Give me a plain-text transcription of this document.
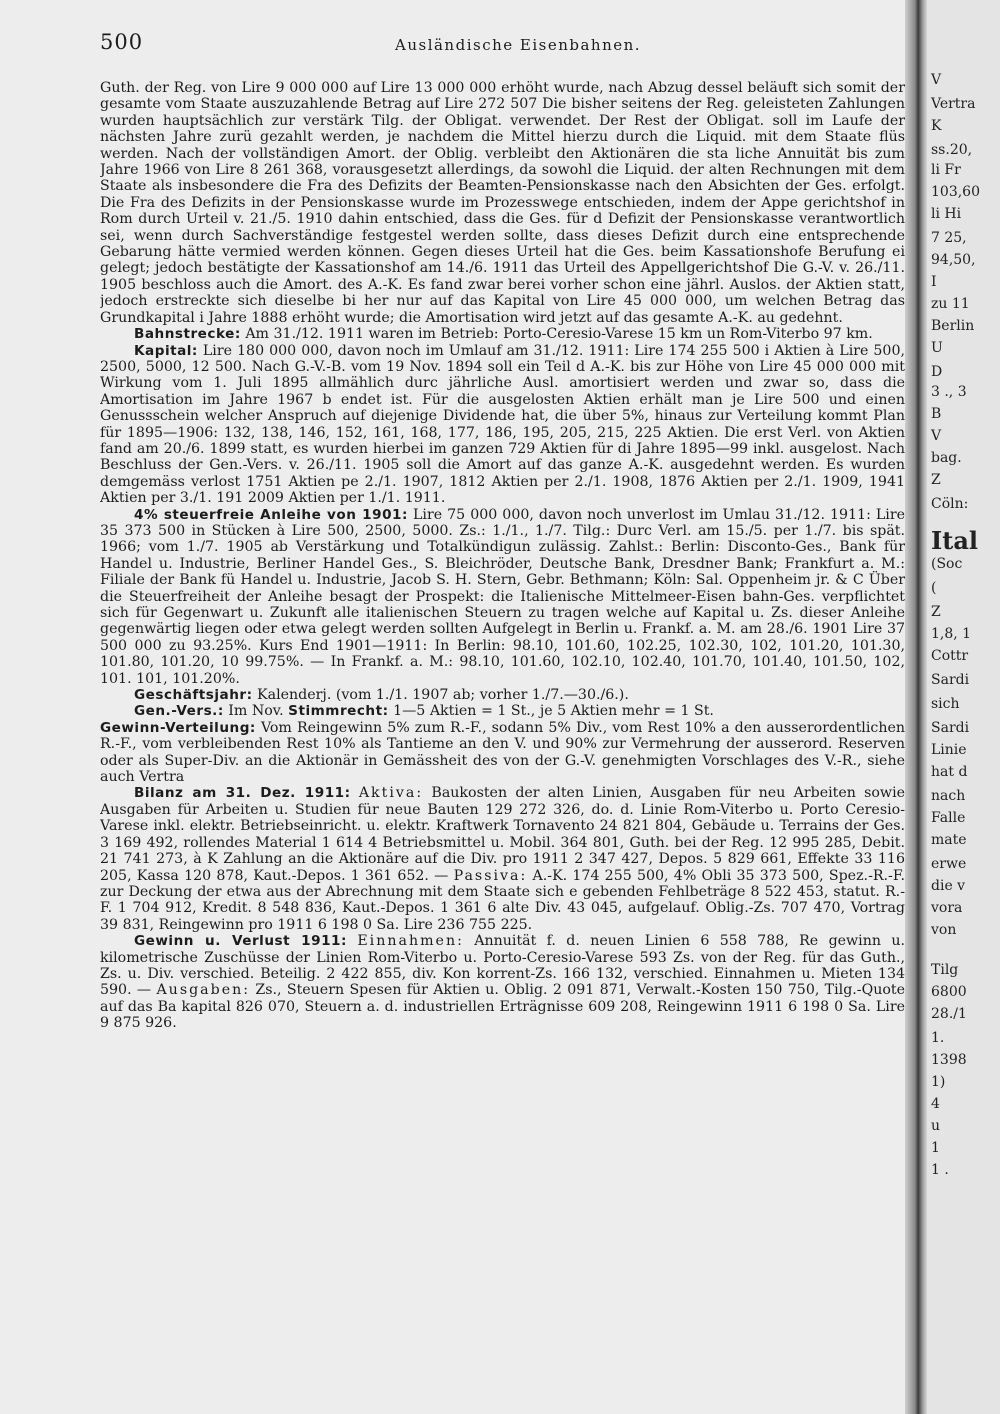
500	Ausländische Eisenbahnen.

Guth. der Reg. von Lire 9 000 000 auf Lire 13 000 000 erhöht wurde, nach Abzug dessel beläuft sich somit der gesamte vom Staate auszuzahlende Betrag auf Lire 272 507 Die bisher seitens der Reg. geleisteten Zahlungen wurden hauptsächlich zur verstärk Tilg. der Obligat. verwendet. Der Rest der Obligat. soll im Laufe der nächsten Jahre zurü gezahlt werden, je nachdem die Mittel hierzu durch die Liquid. mit dem Staate flüs werden. Nach der vollständigen Amort. der Oblig. verbleibt den Aktionären die sta liche Annuität bis zum Jahre 1966 von Lire 8 261 368, vorausgesetzt allerdings, da sowohl die Liquid. der alten Rechnungen mit dem Staate als insbesondere die Fra des Defizits der Beamten-Pensionskasse nach den Absichten der Ges. erfolgt. Die Fra des Defizits in der Pensionskasse wurde im Prozesswege entschieden, indem der Appe gerichtshof in Rom durch Urteil v. 21./5. 1910 dahin entschied, dass die Ges. für d Defizit der Pensionskasse verantwortlich sei, wenn durch Sachverständige festgestel werden sollte, dass dieses Defizit durch eine entsprechende Gebarung hätte vermied werden können. Gegen dieses Urteil hat die Ges. beim Kassationshofe Berufung ei gelegt; jedoch bestätigte der Kassationshof am 14./6. 1911 das Urteil des Appellgerichtshof Die G.-V. v. 26./11. 1905 beschloss auch die Amort. des A.-K. Es fand zwar berei vorher schon eine jährl. Auslos. der Aktien statt, jedoch erstreckte sich dieselbe bi her nur auf das Kapital von Lire 45 000 000, um welchen Betrag das Grundkapital i Jahre 1888 erhöht wurde; die Amortisation wird jetzt auf das gesamte A.-K. au gedehnt.

Bahnstrecke: Am 31./12. 1911 waren im Betrieb: Porto-Ceresio-Varese 15 km un Rom-Viterbo 97 km.

Kapital: Lire 180 000 000, davon noch im Umlauf am 31./12. 1911: Lire 174 255 500 i Aktien à Lire 500, 2500, 5000, 12 500. Nach G.-V.-B. vom 19 Nov. 1894 soll ein Teil d A.-K. bis zur Höhe von Lire 45 000 000 mit Wirkung vom 1. Juli 1895 allmählich durc jährliche Ausl. amortisiert werden und zwar so, dass die Amortisation im Jahre 1967 b endet ist. Für die ausgelosten Aktien erhält man je Lire 500 und einen Genussschein welcher Anspruch auf diejenige Dividende hat, die über 5%, hinaus zur Verteilung kommt Plan für 1895—1906: 132, 138, 146, 152, 161, 168, 177, 186, 195, 205, 215, 225 Aktien. Die erst Verl. von Aktien fand am 20./6. 1899 statt, es wurden hierbei im ganzen 729 Aktien für di Jahre 1895—99 inkl. ausgelost. Nach Beschluss der Gen.-Vers. v. 26./11. 1905 soll die Amort auf das ganze A.-K. ausgedehnt werden. Es wurden demgemäss verlost 1751 Aktien pe 2./1. 1907, 1812 Aktien per 2./1. 1908, 1876 Aktien per 2./1. 1909, 1941 Aktien per 3./1. 191 2009 Aktien per 1./1. 1911.

4% steuerfreie Anleihe von 1901: Lire 75 000 000, davon noch unverlost im Umlau 31./12. 1911: Lire 35 373 500 in Stücken à Lire 500, 2500, 5000. Zs.: 1./1., 1./7. Tilg.: Durc Verl. am 15./5. per 1./7. bis spät. 1966; vom 1./7. 1905 ab Verstärkung und Totalkündigun zulässig. Zahlst.: Berlin: Disconto-Ges., Bank für Handel u. Industrie, Berliner Handel Ges., S. Bleichröder, Deutsche Bank, Dresdner Bank; Frankfurt a. M.: Filiale der Bank fü Handel u. Industrie, Jacob S. H. Stern, Gebr. Bethmann; Köln: Sal. Oppenheim jr. & C Über die Steuerfreiheit der Anleihe besagt der Prospekt: die Italienische Mittelmeer-Eisen bahn-Ges. verpflichtet sich für Gegenwart u. Zukunft alle italienischen Steuern zu tragen welche auf Kapital u. Zs. dieser Anleihe gegenwärtig liegen oder etwa gelegt werden sollten Aufgelegt in Berlin u. Frankf. a. M. am 28./6. 1901 Lire 37 500 000 zu 93.25%. Kurs End 1901—1911: In Berlin: 98.10, 101.60, 102.25, 102.30, 102, 101.20, 101.30, 101.80, 101.20, 10 99.75%. — In Frankf. a. M.: 98.10, 101.60, 102.10, 102.40, 101.70, 101.40, 101.50, 102, 101. 101, 101.20%.

Geschäftsjahr: Kalenderj. (vom 1./1. 1907 ab; vorher 1./7.—30./6.).

Gen.-Vers.: Im Nov. Stimmrecht: 1—5 Aktien = 1 St., je 5 Aktien mehr = 1 St.

Gewinn-Verteilung: Vom Reingewinn 5% zum R.-F., sodann 5% Div., vom Rest 10% a den ausserordentlichen R.-F., vom verbleibenden Rest 10% als Tantieme an den V. und 90% zur Vermehrung der ausserord. Reserven oder als Super-Div. an die Aktionär in Gemässheit des von der G.-V. genehmigten Vorschlages des V.-R., siehe auch Vertra

Bilanz am 31. Dez. 1911: Aktiva: Baukosten der alten Linien, Ausgaben für neu Arbeiten sowie Ausgaben für Arbeiten u. Studien für neue Bauten 129 272 326, do. d. Linie Rom-Viterbo u. Porto Ceresio-Varese inkl. elektr. Betriebseinricht. u. elektr. Kraftwerk Tornavento 24 821 804, Gebäude u. Terrains der Ges. 3 169 492, rollendes Material 1 614 4 Betriebsmittel u. Mobil. 364 801, Guth. bei der Reg. 12 995 285, Debit. 21 741 273, à K Zahlung an die Aktionäre auf die Div. pro 1911 2 347 427, Depos. 5 829 661, Effekte 33 116 205, Kassa 120 878, Kaut.-Depos. 1 361 652. — Passiva: A.-K. 174 255 500, 4% Obli 35 373 500, Spez.-R.-F. zur Deckung der etwa aus der Abrechnung mit dem Staate sich e gebenden Fehlbeträge 8 522 453, statut. R.-F. 1 704 912, Kredit. 8 548 836, Kaut.-Depos. 1 361 6 alte Div. 43 045, aufgelauf. Oblig.-Zs. 707 470, Vortrag 39 831, Reingewinn pro 1911 6 198 0 Sa. Lire 236 755 225.

Gewinn u. Verlust 1911: Einnahmen: Annuität f. d. neuen Linien 6 558 788, Re gewinn u. kilometrische Zuschüsse der Linien Rom-Viterbo u. Porto-Ceresio-Varese 593 Zs. von der Reg. für das Guth., Zs. u. Div. verschied. Beteilig. 2 422 855, div. Kon korrent-Zs. 166 132, verschied. Einnahmen u. Mieten 134 590. — Ausgaben: Zs., Steuern Spesen für Aktien u. Oblig. 2 091 871, Verwalt.-Kosten 150 750, Tilg.-Quote auf das Ba kapital 826 070, Steuern a. d. industriellen Erträgnisse 609 208, Reingewinn 1911 6 198 0 Sa. Lire 9 875 926.

V
Vertra
K
ss.20,
li Fr
103,60
li Hi
7 25,
94,50,
I
zu 11
Berlin
U
D
3 ., 3
B
V
bag.
Z
Cöln:
Ital
(Soc
(
Z
1,8, 1
Cottr
Sardi
sich
Sardi
Linie
hat d
nach
Falle
mate
erwe
die v
vora
von
Tilg
6800
28./1
1.
1398
1)
4
u
1
1 .
